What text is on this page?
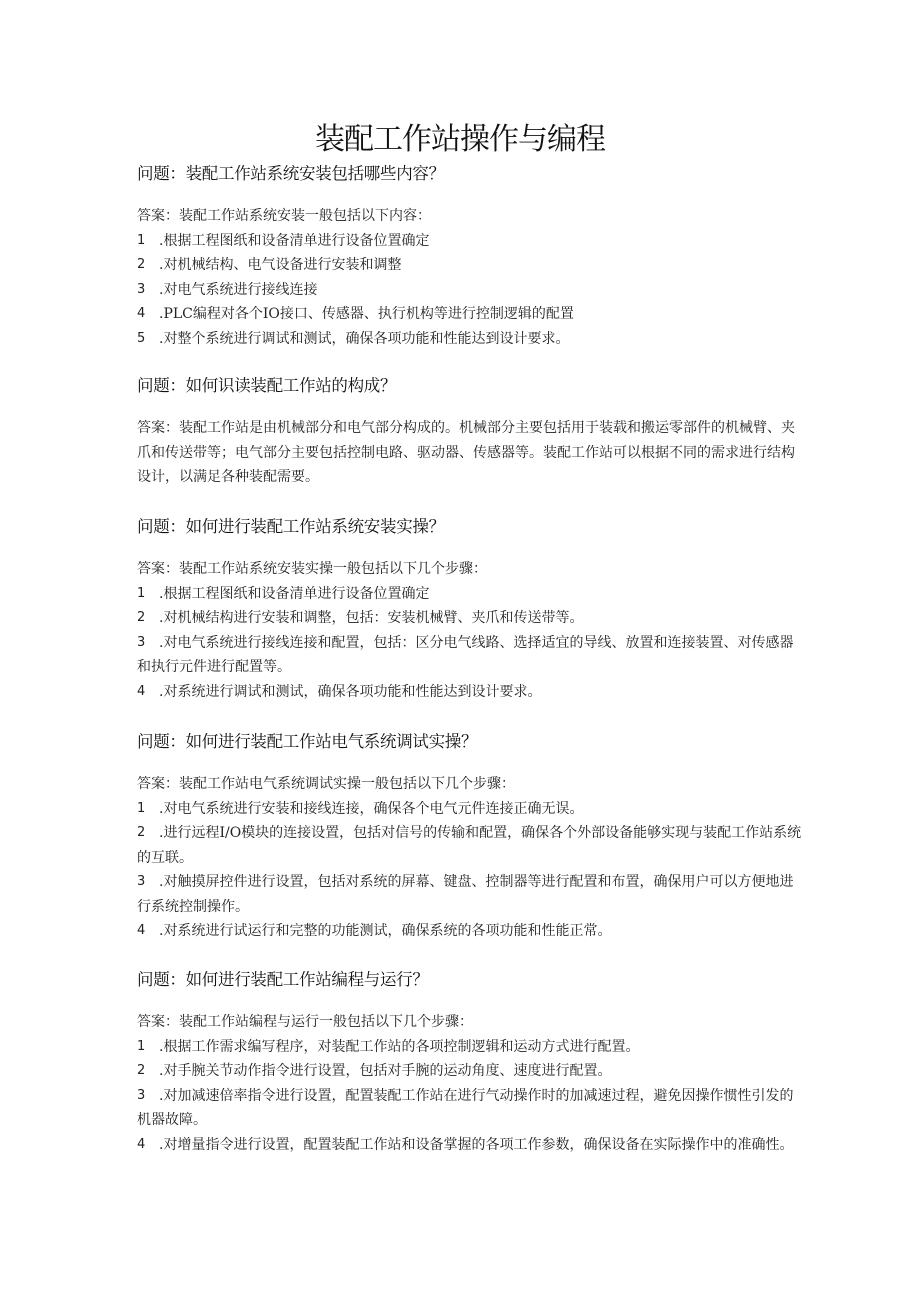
装配工作站操作与编程
问题：装配工作站系统安装包括哪些内容？

答案：装配工作站系统安装一般包括以下内容：

1 .根据工程图纸和设备清单进行设备位置确定

2 .对机械结构、电气设备进行安装和调整

3 .对电气系统进行接线连接

4 .PLC编程对各个IO接口、传感器、执行机构等进行控制逻辑的配置

5 .对整个系统进行调试和测试，确保各项功能和性能达到设计要求。

问题：如何识读装配工作站的构成？

答案：装配工作站是由机械部分和电气部分构成的。机械部分主要包括用于装载和搬运零部件的机械臂、夹爪和传送带等；电气部分主要包括控制电路、驱动器、传感器等。装配工作站可以根据不同的需求进行结构设计，以满足各种装配需要。

问题：如何进行装配工作站系统安装实操？

答案：装配工作站系统安装实操一般包括以下几个步骤：

1 .根据工程图纸和设备清单进行设备位置确定

2 .对机械结构进行安装和调整，包括：安装机械臂、夹爪和传送带等。

3 .对电气系统进行接线连接和配置，包括：区分电气线路、选择适宜的导线、放置和连接装置、对传感器和执行元件进行配置等。

4 .对系统进行调试和测试，确保各项功能和性能达到设计要求。

问题：如何进行装配工作站电气系统调试实操？

答案：装配工作站电气系统调试实操一般包括以下几个步骤：

1 .对电气系统进行安装和接线连接，确保各个电气元件连接正确无误。

2 .进行远程I/O模块的连接设置，包括对信号的传输和配置，确保各个外部设备能够实现与装配工作站系统的互联。

3 .对触摸屏控件进行设置，包括对系统的屏幕、键盘、控制器等进行配置和布置，确保用户可以方便地进行系统控制操作。

4 .对系统进行试运行和完整的功能测试，确保系统的各项功能和性能正常。

问题：如何进行装配工作站编程与运行？

答案：装配工作站编程与运行一般包括以下几个步骤：

1 .根据工作需求编写程序，对装配工作站的各项控制逻辑和运动方式进行配置。

2 .对手腕关节动作指令进行设置，包括对手腕的运动角度、速度进行配置。

3 .对加减速倍率指令进行设置，配置装配工作站在进行气动操作时的加减速过程，避免因操作惯性引发的机器故障。

4 .对增量指令进行设置，配置装配工作站和设备掌握的各项工作参数，确保设备在实际操作中的准确性。
